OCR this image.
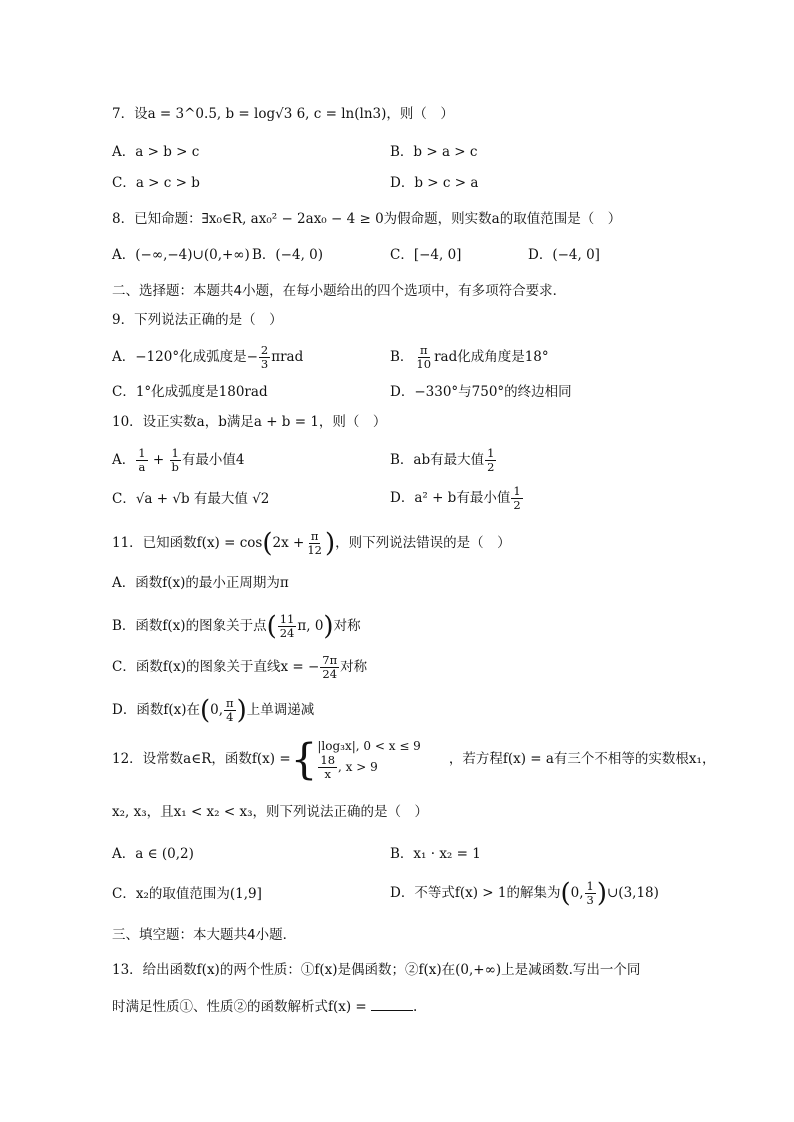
7．设a = 3^0.5, b = log√3 6, c = ln(ln3)，则（　）
A．a > b > c	B．b > a > c
C．a > c > b	D．b > c > a
8．已知命题：∃x₀∈R, ax₀² − 2ax₀ − 4 ≥ 0为假命题，则实数a的取值范围是（　）
A．(−∞,−4)∪(0,+∞) B．(−4, 0)	C．[−4, 0]	D．(−4, 0]
二、选择题：本题共4小题，在每小题给出的四个选项中，有多项符合要求．
9．下列说法正确的是（　）
A．−120°化成弧度是− $\frac{2}{3}$ πrad	B． $\frac{\pi}{10}$ rad化成角度是18°
C．1°化成弧度是180rad	D．−330°与750°的终边相同
10．设正实数a，b满足a + b = 1，则（　）
A． $\frac{1}{a} + \frac{1}{b}$ 有最小值4	B．ab有最大值 $\frac{1}{2}$
C．√a + √b 有最大值 √2	D．a² + b有最小值 $\frac{1}{2}$
11．已知函数$f(x) = \cos(2x + \frac{\pi}{12}$ )，则下列说法错误的是（　）
A．函数f(x)的最小正周期为π
B．函数f(x)的图象关于点( $\frac{11}{24} \pi$, 0)对称
C．函数f(x)的图象关于直线x = − $\frac{7\pi}{24}$ 对称
D．函数f(x)在(0, $\frac{\pi}{4}$ )上单调递减
12．设常数a∈R，函数f(x) ={ |log₃x|, 0 < x ≤ 9
$\frac{18}{x}$ , x > 9	，若方程f(x) = a有三个不相等的实数根x₁，
x₂, x₃，且x₁ < x₂ < x₃，则下列说法正确的是（　）
A．a ∈ (0,2)	B．x₁ · x₂ = 1
C．x₂的取值范围为(1,9]	D．不等式f(x) > 1的解集为(0, $\frac{1}{3}$ )∪(3,18)
三、填空题：本大题共4小题．
13．给出函数f(x)的两个性质：①f(x)是偶函数；②f(x)在(0,+∞)上是减函数.写出一个同
时满足性质①、性质②的函数解析式f(x) =	.
